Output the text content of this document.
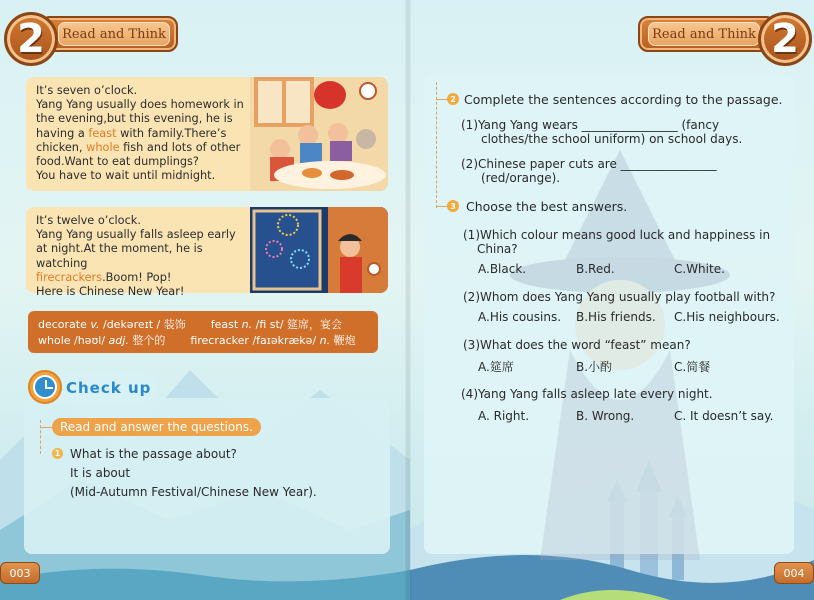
Read and Think
2	Read and Think 2
It’s seven o’clock.
Yang Yang usually does homework in
the evening,but this evening, he is
having a feast with family.There’s
chicken, whole fish and lots of other
food.Want to eat dumplings?
You have to wait until midnight.
It’s twelve o’clock.
Yang Yang usually falls asleep early
at night.At the moment, he is watching
firecrackers.Boom! Pop!
Here is Chinese New Year!
decorate v. /dekəreɪt / 装饰 feast n. /fi st/ 筵席，宴会
whole /həʊl/ adj. 整个的 firecracker /faɪəkrækə/ n. 鞭炮
Check up
Read and answer the questions.
1 What is the passage about?
It is about
(Mid-Autumn Festival/Chinese New Year).
2 Complete the sentences according to the passage.
(1)Yang Yang wears ________________ (fancy
clothes/the school uniform) on school days.
(2)Chinese paper cuts are ________________
(red/orange).
3 Choose the best answers.
(1)Which colour means good luck and happiness in
China?
A.Black.	B.Red.	C.White.
(2)Whom does Yang Yang usually play football with?
A.His cousins. B.His friends. C.His neighbours.
(3)What does the word “feast” mean?
A.筵席	B.小酌	C.简餐
(4)Yang Yang falls asleep late every night.
A. Right.	B. Wrong.	C. It doesn’t say.
003	004
